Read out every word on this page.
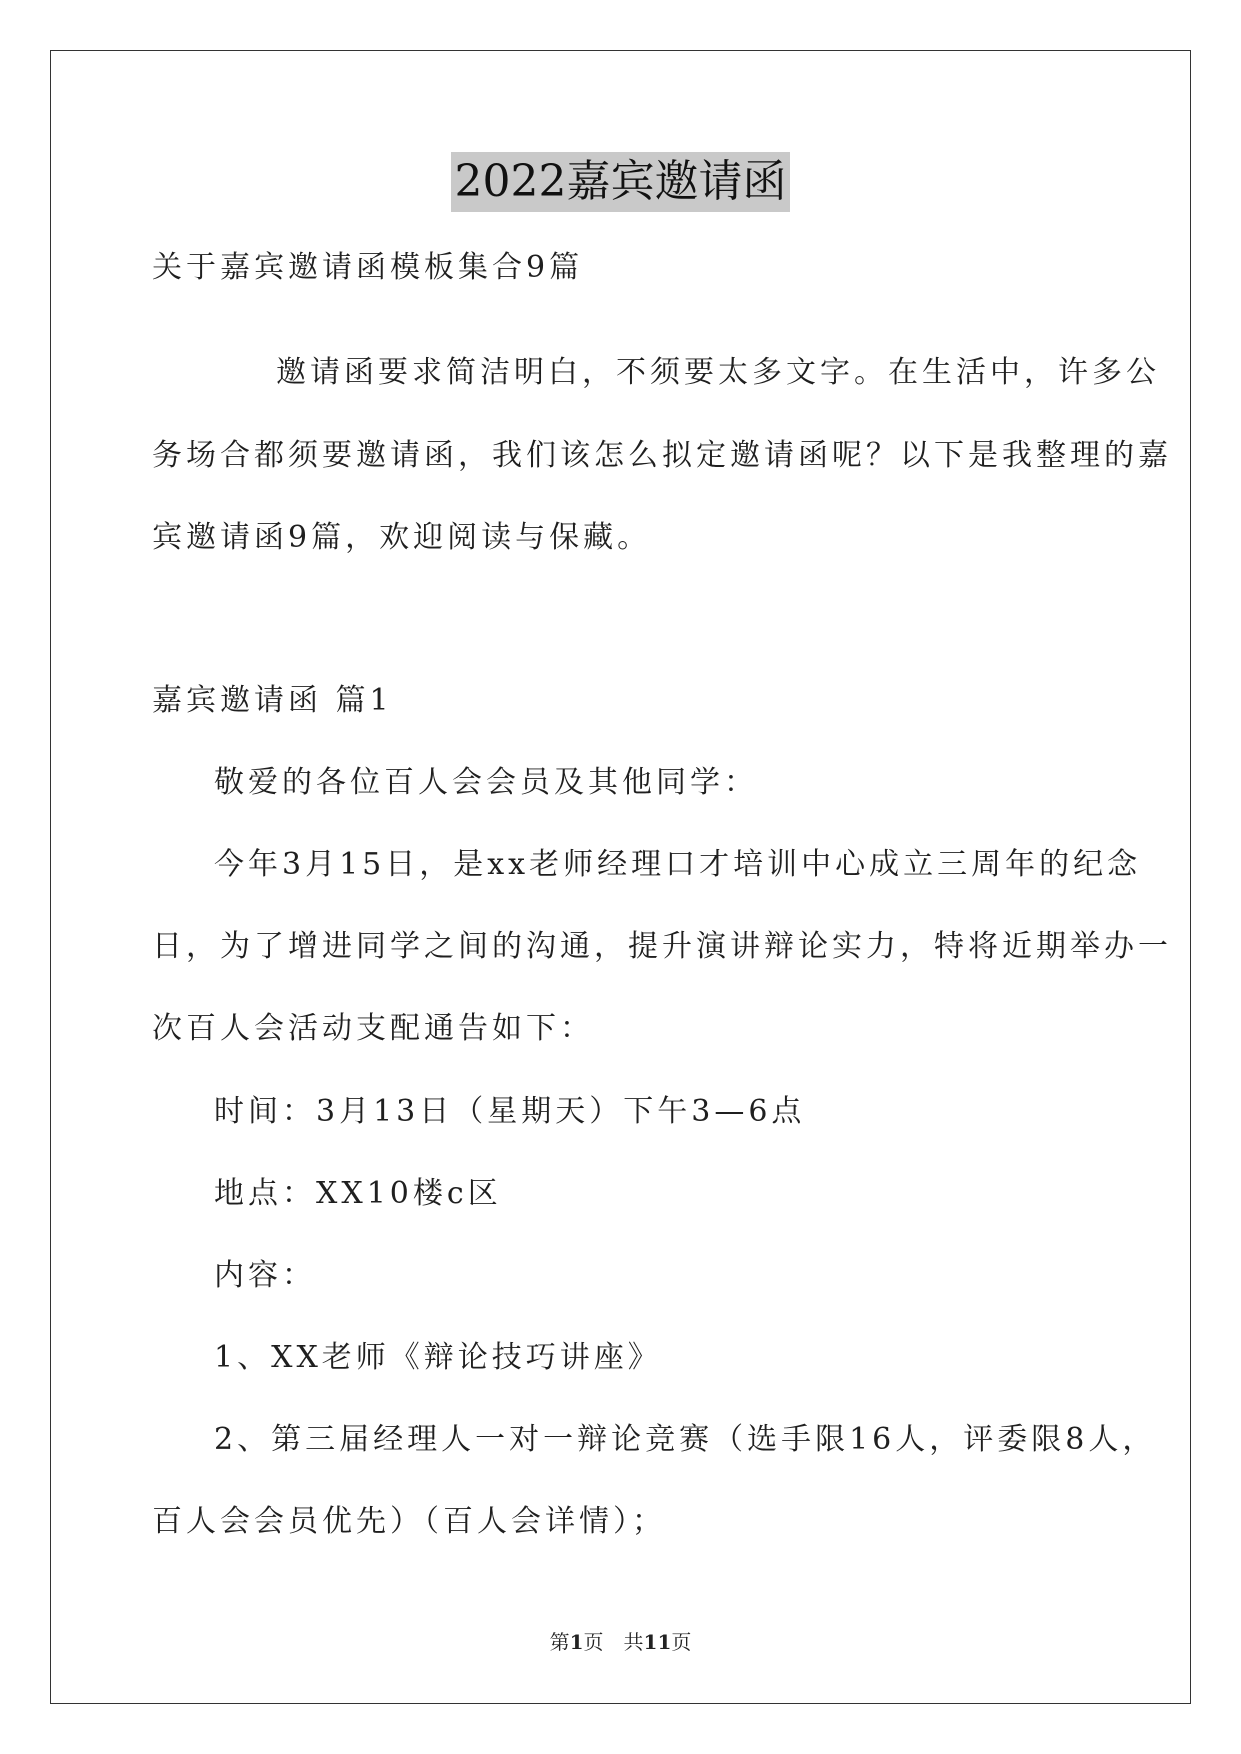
2022嘉宾邀请函
关于嘉宾邀请函模板集合9篇
邀请函要求简洁明白，不须要太多文字。在生活中，许多公
务场合都须要邀请函，我们该怎么拟定邀请函呢？以下是我整理的嘉
宾邀请函9篇，欢迎阅读与保藏。
嘉宾邀请函 篇1
敬爱的各位百人会会员及其他同学：
今年3月15日，是xx老师经理口才培训中心成立三周年的纪念
日，为了增进同学之间的沟通，提升演讲辩论实力，特将近期举办一
次百人会活动支配通告如下：
时间：3月13日（星期天）下午3—6点
地点：XX10楼c区
内容：
1、XX老师《辩论技巧讲座》
2、第三届经理人一对一辩论竞赛（选手限16人，评委限8人，
百人会会员优先）（百人会详情）；
第1页　共11页
